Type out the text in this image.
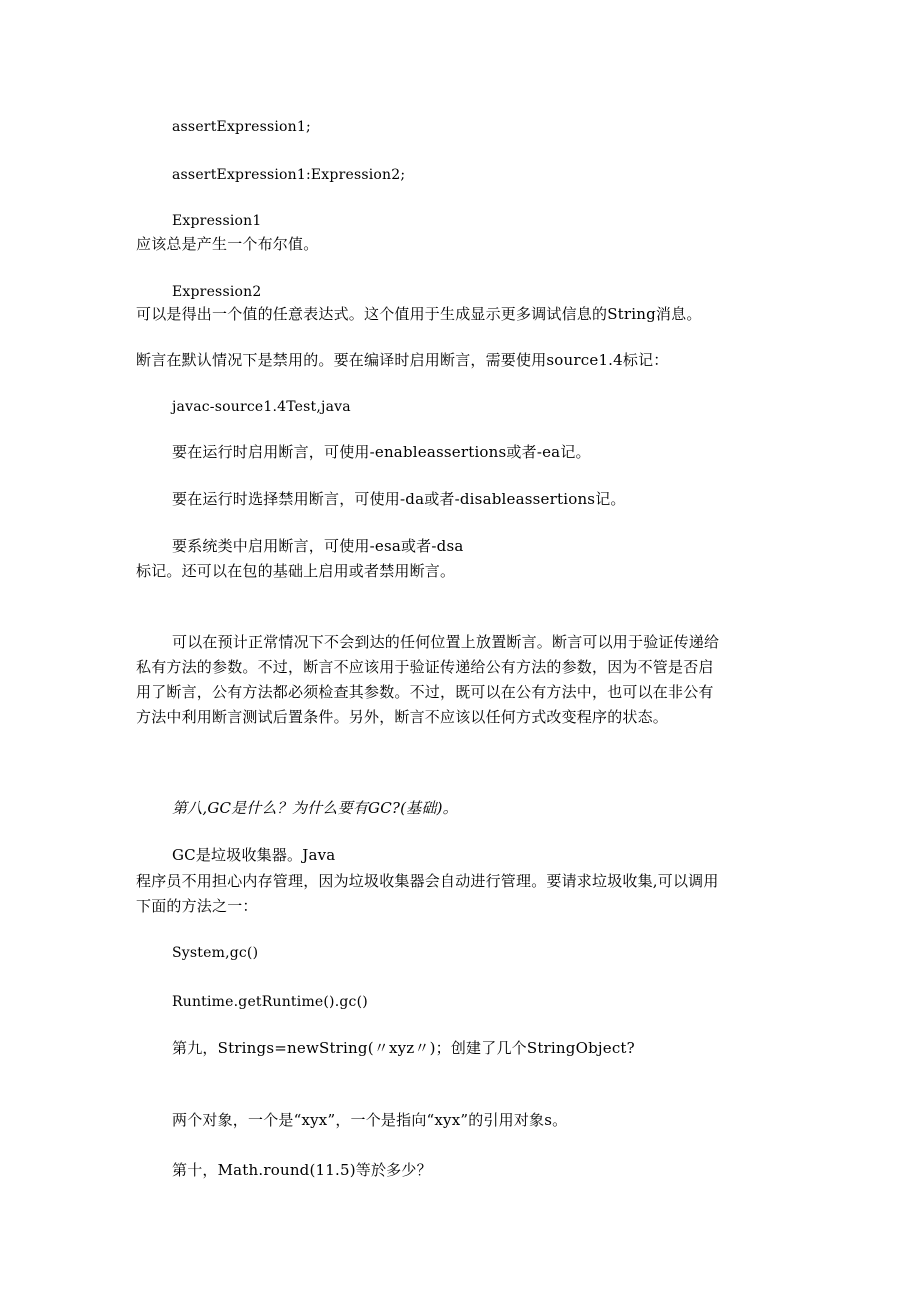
assertExpression1;
assertExpression1:Expression2;
Expression1
应该总是产生一个布尔值。
Expression2
可以是得出一个值的任意表达式。这个值用于生成显示更多调试信息的String消息。
断言在默认情况下是禁用的。要在编译时启用断言，需要使用source1.4标记：
javac-source1.4Test,java
要在运行时启用断言，可使用-enableassertions或者-ea记。
要在运行时选择禁用断言，可使用-da或者-disableassertions记。
要系统类中启用断言，可使用-esa或者-dsa
标记。还可以在包的基础上启用或者禁用断言。
可以在预计正常情况下不会到达的任何位置上放置断言。断言可以用于验证传递给
私有方法的参数。不过，断言不应该用于验证传递给公有方法的参数，因为不管是否启
用了断言，公有方法都必须检查其参数。不过，既可以在公有方法中，也可以在非公有
方法中利用断言测试后置条件。另外，断言不应该以任何方式改变程序的状态。
第八,GC是什么？为什么要有GC?(基础)。
GC是垃圾收集器。Java
程序员不用担心内存管理，因为垃圾收集器会自动进行管理。要请求垃圾收集,可以调用
下面的方法之一：
System,gc()
Runtime.getRuntime().gc()
第九，Strings=newString(〃xyz〃)；创建了几个StringObject?
两个对象，一个是“xyx”，一个是指向“xyx”的引用对象s。
第十，Math.round(11.5)等於多少？
